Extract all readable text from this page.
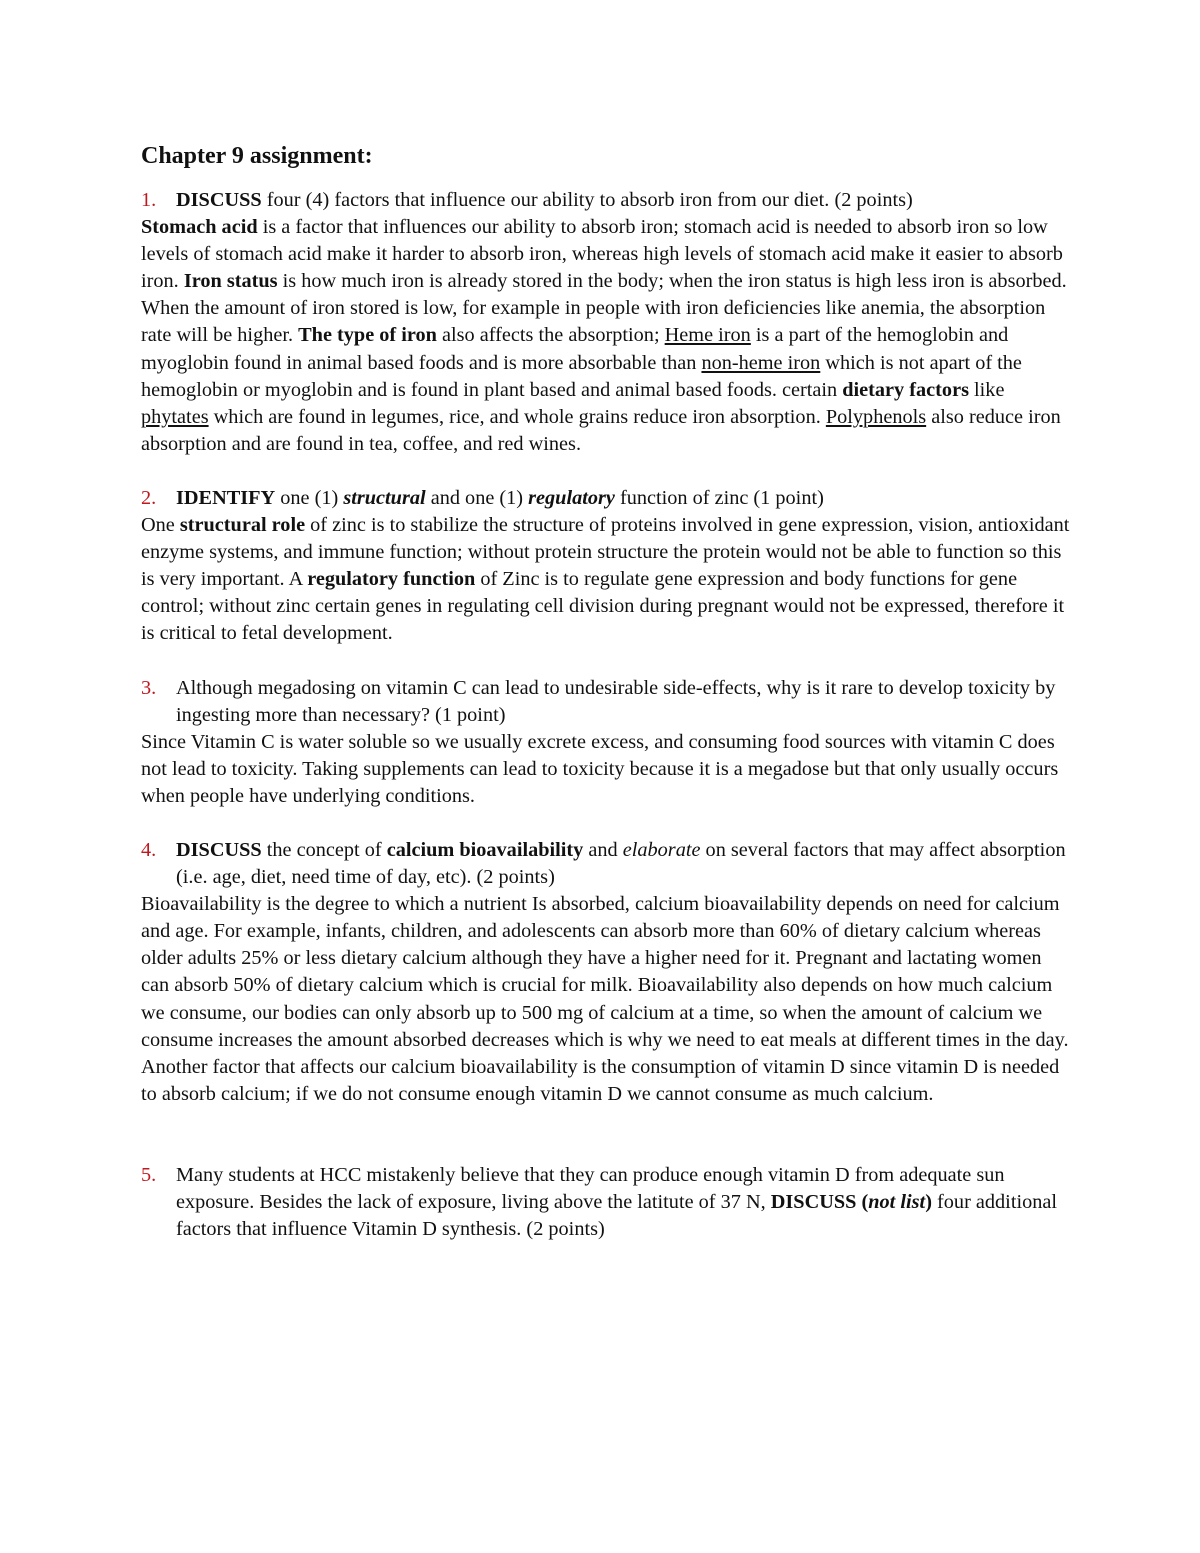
Chapter 9 assignment:
1. DISCUSS four (4) factors that influence our ability to absorb iron from our diet. (2 points)
Stomach acid is a factor that influences our ability to absorb iron; stomach acid is needed to absorb iron so low levels of stomach acid make it harder to absorb iron, whereas high levels of stomach acid make it easier to absorb iron. Iron status is how much iron is already stored in the body; when the iron status is high less iron is absorbed. When the amount of iron stored is low, for example in people with iron deficiencies like anemia, the absorption rate will be higher. The type of iron also affects the absorption; Heme iron is a part of the hemoglobin and myoglobin found in animal based foods and is more absorbable than non-heme iron which is not apart of the hemoglobin or myoglobin and is found in plant based and animal based foods. certain dietary factors like phytates which are found in legumes, rice, and whole grains reduce iron absorption. Polyphenols also reduce iron absorption and are found in tea, coffee, and red wines.
2. IDENTIFY one (1) structural and one (1) regulatory function of zinc (1 point)
One structural role of zinc is to stabilize the structure of proteins involved in gene expression, vision, antioxidant enzyme systems, and immune function; without protein structure the protein would not be able to function so this is very important. A regulatory function of Zinc is to regulate gene expression and body functions for gene control; without zinc certain genes in regulating cell division during pregnant would not be expressed, therefore it is critical to fetal development.
3. Although megadosing on vitamin C can lead to undesirable side-effects, why is it rare to develop toxicity by ingesting more than necessary? (1 point)
Since Vitamin C is water soluble so we usually excrete excess, and consuming food sources with vitamin C does not lead to toxicity. Taking supplements can lead to toxicity because it is a megadose but that only usually occurs when people have underlying conditions.
4. DISCUSS the concept of calcium bioavailability and elaborate on several factors that may affect absorption (i.e. age, diet, need time of day, etc). (2 points)
Bioavailability is the degree to which a nutrient Is absorbed, calcium bioavailability depends on need for calcium and age. For example, infants, children, and adolescents can absorb more than 60% of dietary calcium whereas older adults 25% or less dietary calcium although they have a higher need for it. Pregnant and lactating women can absorb 50% of dietary calcium which is crucial for milk. Bioavailability also depends on how much calcium we consume, our bodies can only absorb up to 500 mg of calcium at a time, so when the amount of calcium we consume increases the amount absorbed decreases which is why we need to eat meals at different times in the day. Another factor that affects our calcium bioavailability is the consumption of vitamin D since vitamin D is needed to absorb calcium; if we do not consume enough vitamin D we cannot consume as much calcium.
5. Many students at HCC mistakenly believe that they can produce enough vitamin D from adequate sun exposure. Besides the lack of exposure, living above the latitute of 37 N, DISCUSS (not list) four additional factors that influence Vitamin D synthesis. (2 points)
